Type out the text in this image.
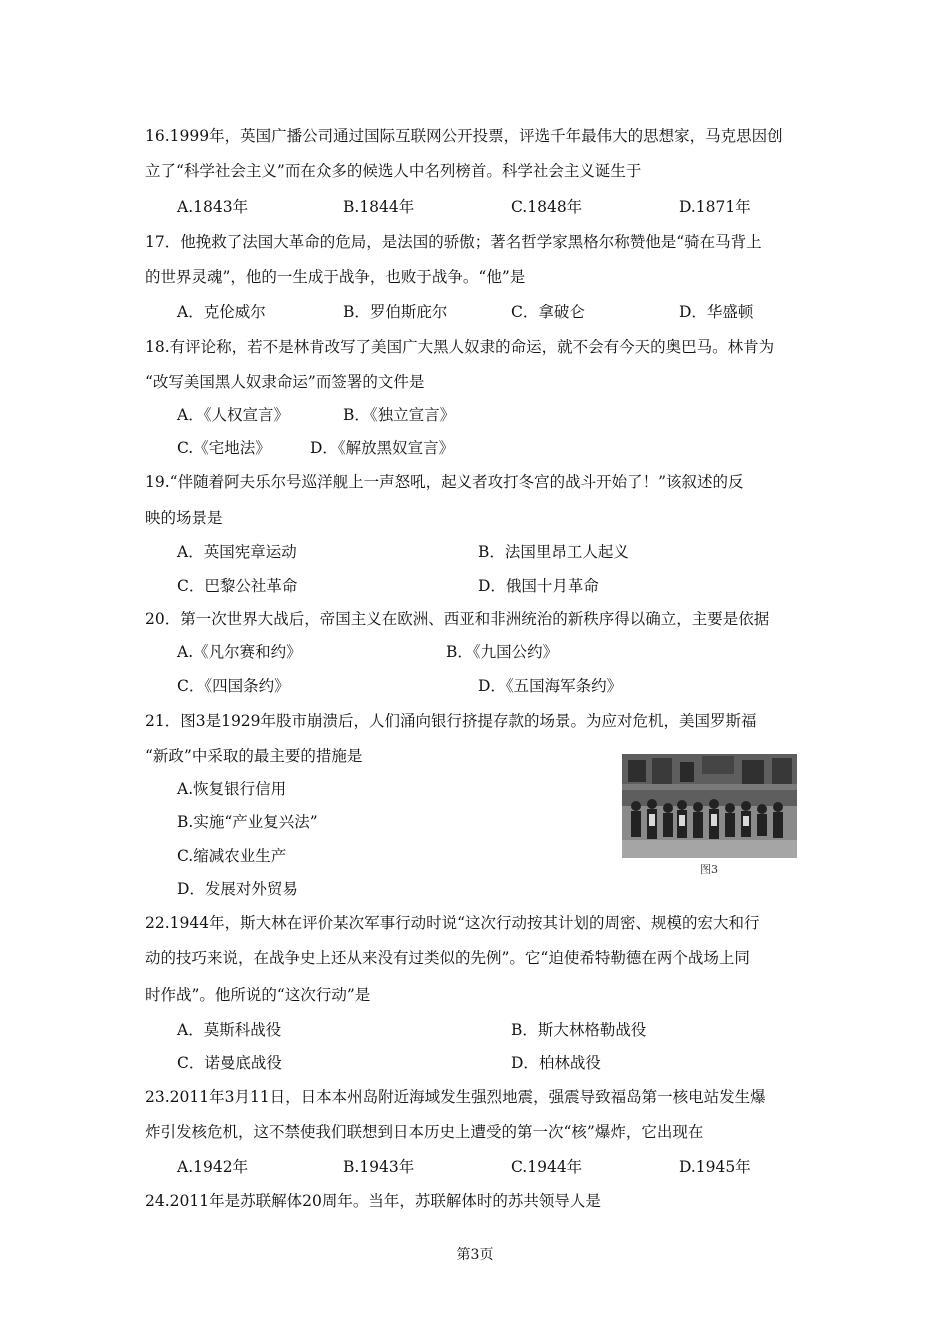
16.1999年，英国广播公司通过国际互联网公开投票，评选千年最伟大的思想家，马克思因创
立了“科学社会主义”而在众多的候选人中名列榜首。科学社会主义诞生于
A.1843年	B.1844年	C.1848年	D.1871年
17．他挽救了法国大革命的危局，是法国的骄傲；著名哲学家黑格尔称赞他是“骑在马背上
的世界灵魂”，他的一生成于战争，也败于战争。“他”是
A．克伦威尔	B．罗伯斯庇尔	C．拿破仑	D．华盛顿
18.有评论称，若不是林肯改写了美国广大黑人奴隶的命运，就不会有今天的奥巴马。林肯为
“改写美国黑人奴隶命运”而签署的文件是
A．《人权宣言》	B．《独立宣言》
C.《宅地法》	D．《解放黑奴宣言》
19.“伴随着阿夫乐尔号巡洋舰上一声怒吼，起义者攻打冬宫的战斗开始了！”该叙述的反
映的场景是
A．英国宪章运动	B．法国里昂工人起义
C．巴黎公社革命	D．俄国十月革命
20．第一次世界大战后，帝国主义在欧洲、西亚和非洲统治的新秩序得以确立，主要是依据
A.《凡尔赛和约》	B．《九国公约》
C．《四国条约》	D．《五国海军条约》
21．图3是1929年股市崩溃后，人们涌向银行挤提存款的场景。为应对危机，美国罗斯福
“新政”中采取的最主要的措施是
A.恢复银行信用
B.实施“产业复兴法”
C.缩减农业生产
D．发展对外贸易
图3
22.1944年，斯大林在评价某次军事行动时说“这次行动按其计划的周密、规模的宏大和行
动的技巧来说，在战争史上还从来没有过类似的先例”。它“迫使希特勒德在两个战场上同
时作战”。他所说的“这次行动”是
A．莫斯科战役	B．斯大林格勒战役
C．诺曼底战役	D．柏林战役
23.2011年3月11日，日本本州岛附近海域发生强烈地震，强震导致福岛第一核电站发生爆
炸引发核危机，这不禁使我们联想到日本历史上遭受的第一次“核”爆炸，它出现在
A.1942年	B.1943年	C.1944年	D.1945年
24.2011年是苏联解体20周年。当年，苏联解体时的苏共领导人是
第3页
